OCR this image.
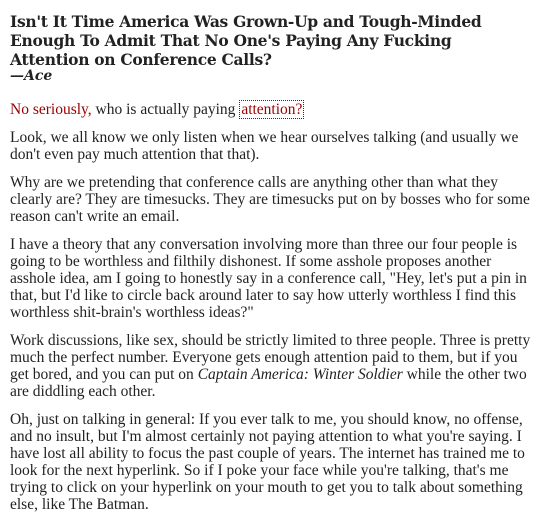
Isn't It Time America Was Grown-Up and Tough-Minded Enough To Admit That No One's Paying Any Fucking Attention on Conference Calls?
—Ace

No seriously, who is actually paying attention?

Look, we all know we only listen when we hear ourselves talking (and usually we don't even pay much attention that that).

Why are we pretending that conference calls are anything other than what they clearly are? They are timesucks. They are timesucks put on by bosses who for some reason can't write an email.

I have a theory that any conversation involving more than three our four people is going to be worthless and filthily dishonest. If some asshole proposes another asshole idea, am I going to honestly say in a conference call, "Hey, let's put a pin in that, but I'd like to circle back around later to say how utterly worthless I find this worthless shit-brain's worthless ideas?"

Work discussions, like sex, should be strictly limited to three people. Three is pretty much the perfect number. Everyone gets enough attention paid to them, but if you get bored, and you can put on Captain America: Winter Soldier while the other two are diddling each other.

Oh, just on talking in general: If you ever talk to me, you should know, no offense, and no insult, but I'm almost certainly not paying attention to what you're saying. I have lost all ability to focus the past couple of years. The internet has trained me to look for the next hyperlink. So if I poke your face while you're talking, that's me trying to click on your hyperlink on your mouth to get you to talk about something else, like The Batman.
